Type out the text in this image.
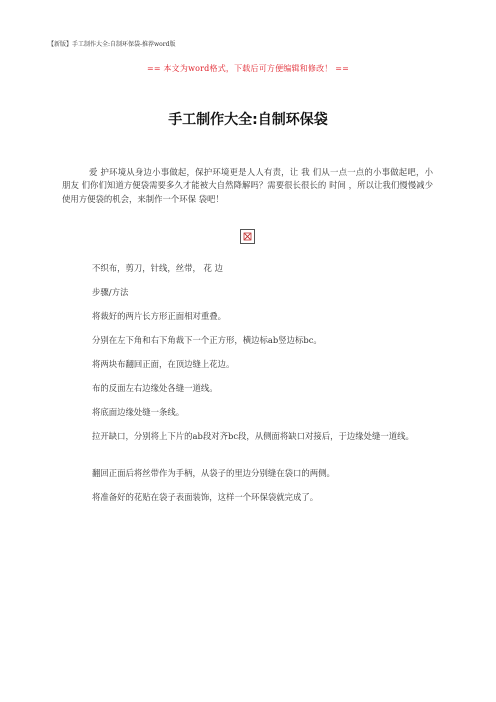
【新版】手工制作大全:自制环保袋-推荐word版
== 本文为word格式，下载后可方便编辑和修改！ ==
手工制作大全:自制环保袋

爱 护环境从身边小事做起，保护环境更是人人有责，让 我 们从一点一点的小事做起吧，小 朋友 们你们知道方便袋需要多久才能被大自然降解吗？需要很长很长的 时间 ，所以让我们慢慢减少使用方便袋的机会，来制作一个环保 袋吧！

不织布，剪刀，针线，丝带， 花 边

步骤/方法

将裁好的两片长方形正面相对重叠。

分别在左下角和右下角裁下一个正方形，横边标ab竖边标bc。

将两块布翻回正面，在顶边缝上花边。

布的反面左右边缘处各缝一道线。

将底面边缘处缝一条线。

拉开缺口，分别将上下片的ab段对齐bc段，从侧面将缺口对接后，于边缘处缝一道线。

翻回正面后将丝带作为手柄，从袋子的里边分别缝在袋口的两侧。

将准备好的花贴在袋子表面装饰，这样一个环保袋就完成了。
